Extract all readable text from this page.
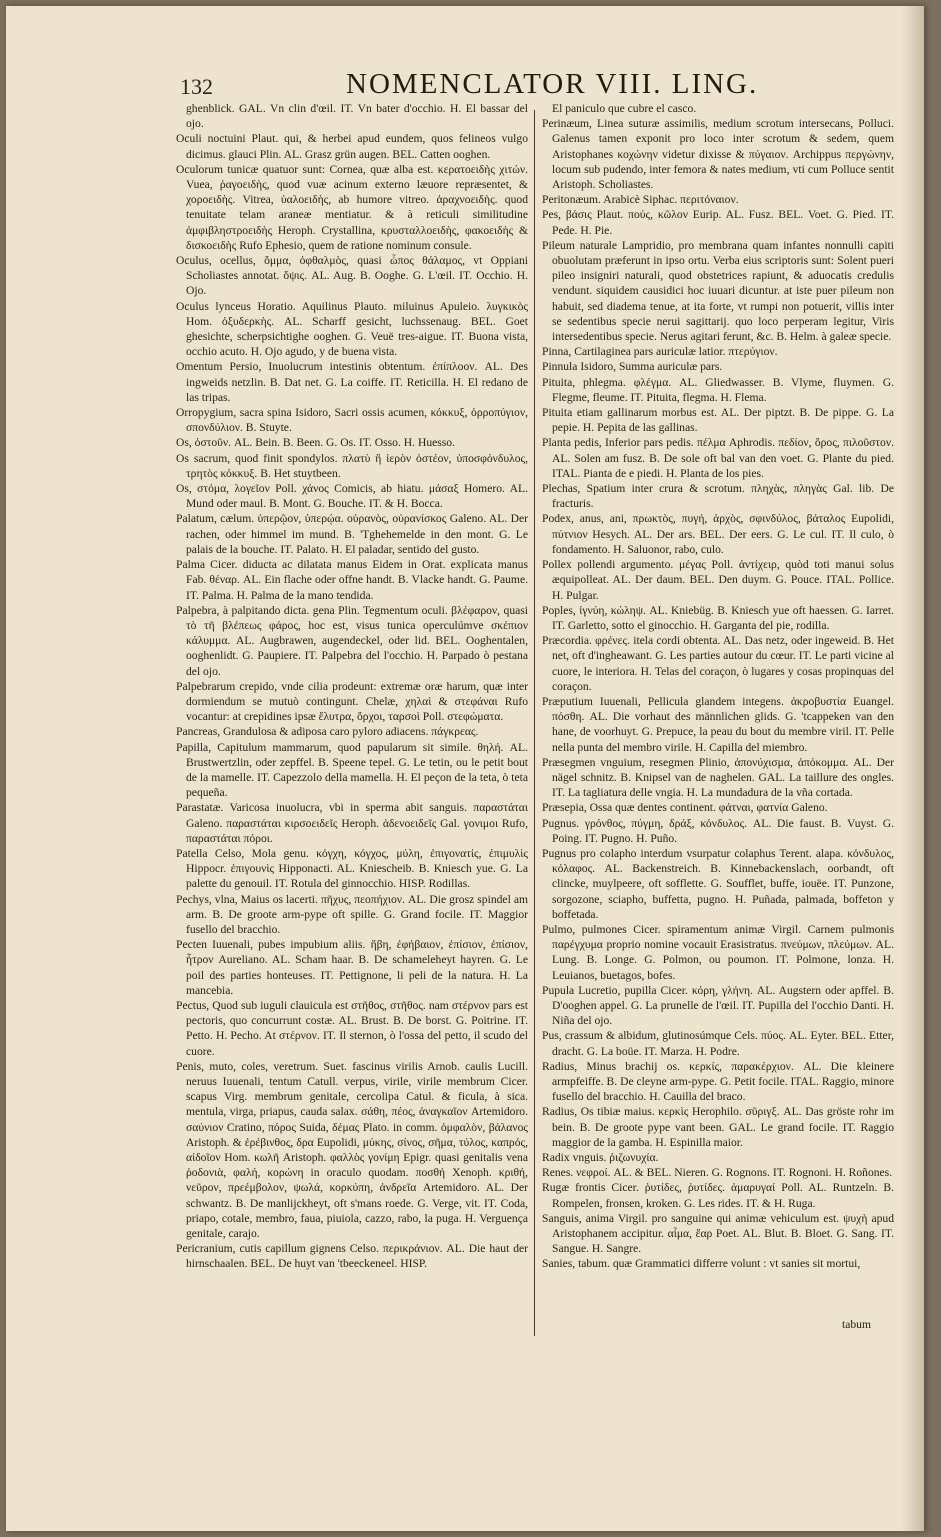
132	NOMENCLATOR VIII. LING.

ghenblick. GAL. Vn clin d'œil. IT. Vn bater d'occhio. H. El bassar del ojo.

Oculi noctuini Plaut. qui, & herbei apud eundem, quos felineos vulgo dicimus. glauci Plin. AL. Grasz grün augen. BEL. Catten ooghen.

Oculorum tunicæ quatuor sunt: Cornea, quæ alba est. κερατοειδὴς χιτών. Vuea, ῥαγοειδὴς, quod vuæ acinum externo læuore repræsentet, & χοροειδὴς. Vitrea, ὑαλοειδὴς, ab humore vitreo. ἀραχνοειδὴς. quod tenuitate telam araneæ mentiatur. & à reticuli similitudine ἀμφιβληστροειδὴς Heroph. Crystallina, κρυσταλλοειδὴς, φακοειδὴς & δισκοειδὴς Rufo Ephesio, quem de ratione nominum consule.

Oculus, ocellus, ὄμμα, ὀφθαλμὸς, quasi ὦπος θάλαμος, vt Oppiani Scholiastes annotat. ὄψις. AL. Aug. B. Ooghe. G. L'œil. IT. Occhio. H. Ojo.

Oculus lynceus Horatio. Aquilinus Plauto. miluinus Apuleio. λυγκικὸς Hom. ὀξυδερκὴς. AL. Scharff gesicht, luchssenaug. BEL. Goet ghesichte, scherpsichtighe ooghen. G. Veuë tres-aigue. IT. Buona vista, occhio acuto. H. Ojo agudo, y de buena vista.

Omentum Persio, Inuolucrum intestinis obtentum. ἐπίπλοον. AL. Des ingweids netzlin. B. Dat net. G. La coiffe. IT. Reticilla. H. El redano de las tripas.

Orropygium, sacra spina Isidoro, Sacri ossis acumen, κόκκυξ, ὀρροπύγιον, σπονδύλιον. B. Stuyte.

Os, ὀστοῦν. AL. Bein. B. Been. G. Os. IT. Osso. H. Huesso.

Os sacrum, quod finit spondylos. πλατὺ ἢ ἱερὸν ὀστέον, ὑποσφόνδυλος, τρητὸς κόκκυξ. B. Het stuytbeen.

Os, στόμα, λογεῖον Poll. χάνος Comicis, ab hiatu. μάσαξ Homero. AL. Mund oder maul. B. Mont. G. Bouche. IT. & H. Bocca.

Palatum, cælum. ὑπερῷον, ὑπερῴα. οὐρανὸς, οὐρανίσκος Galeno. AL. Der rachen, oder himmel im mund. B. 'Tghehemelde in den mont. G. Le palais de la bouche. IT. Palato. H. El paladar, sentido del gusto.

Palma Cicer. diducta ac dilatata manus Eidem in Orat. explicata manus Fab. θέναρ. AL. Ein flache oder offne handt. B. Vlacke handt. G. Paume. IT. Palma. H. Palma de la mano tendida.

Palpebra, à palpitando dicta. gena Plin. Tegmentum oculi. βλέφαρον, quasi τὸ τῆ βλέπεως φάρος, hoc est, visus tunica operculúmve σκέπιον κάλυμμα. AL. Augbrawen, augendeckel, oder lid. BEL. Ooghentalen, ooghenlidt. G. Paupiere. IT. Palpebra del l'occhio. H. Parpado ò pestana del ojo.

Palpebrarum crepido, vnde cilia prodeunt: extremæ oræ harum, quæ inter dormiendum se mutuò contingunt. Chelæ, χηλαὶ & στεφάναι Rufo vocantur: at crepidines ipsæ ἕλυτρα, ὄρχοι, ταρσοὶ Poll. στεφώματα.

Pancreas, Grandulosa & adiposa caro pyloro adiacens. πάγκρεας.

Papilla, Capitulum mammarum, quod papularum sit simile. θηλή. AL. Brustwertzlin, oder zepffel. B. Speene tepel. G. Le tetin, ou le petit bout de la mamelle. IT. Capezzolo della mamella. H. El peçon de la teta, ò teta pequeña.

Parastatæ. Varicosa inuolucra, vbi in sperma abit sanguis. παραστάται Galeno. παραστάται κιρσοειδεῖς Heroph. ἀδενοειδεῖς Gal. γονιμοι Rufo, παραστάται πόροι.

Patella Celso, Mola genu. κόγχη, κόγχος, μύλη, ἐπιγονατίς, ἐπιμυλὶς Hippocr. ἐπιγουνὶς Hipponacti. AL. Kniescheib. B. Kniesch yue. G. La palette du genouil. IT. Rotula del ginnocchio. HISP. Rodillas.

Pechys, vlna, Maius os lacerti. πῆχυς, πεοπήχιον. AL. Die grosz spindel am arm. B. De groote arm-pype oft spille. G. Grand focile. IT. Maggior fusello del bracchio.

Pecten Iuuenali, pubes impubium aliis. ἥβη, ἐφήβαιον, ἐπίσιον, ἐπίσιον, ἧτρον Aureliano. AL. Scham haar. B. De schameleheyt hayren. G. Le poil des parties honteuses. IT. Pettignone, li peli de la natura. H. La mancebia.

Pectus, Quod sub iuguli clauicula est στῆθος, στῆθος. nam στέρνον pars est pectoris, quo concurrunt costæ. AL. Brust. B. De borst. G. Poitrine. IT. Petto. H. Pecho. At στέρνον. IT. Il sternon, ò l'ossa del petto, il scudo del cuore.

Penis, muto, coles, veretrum. Suet. fascinus virilis Arnob. caulis Lucill. neruus Iuuenali, tentum Catull. verpus, virile, virile membrum Cicer. scapus Virg. membrum genitale, cercolipa Catul. & ficula, à sica. mentula, virga, priapus, cauda salax. σάθη, πέος, ἀναγκαῖον Artemidoro. σαύνιον Cratino, πόρος Suida, δέμας Plato. in comm. ὀμφαλὸν, βάλανος Aristoph. & ἐρέβινθος, δρα Eupolidi, μύκης, σίνος, σῆμα, τύλος, καπρός, αἰδοῖον Hom. κωλῆ Aristoph. φαλλὸς γονίμη Epigr. quasi genitalis vena ῥοδονιὰ, φαλή, κορώνη in oraculo quodam. ποσθή Xenoph. κριθή, νεῦρον, πρεέμβολον, ψωλά, κορκύπη, ἀνδρεῖα Artemidoro. AL. Der schwantz. B. De manlijckheyt, oft s'mans roede. G. Verge, vit. IT. Coda, priapo, cotale, membro, faua, piuiola, cazzo, rabo, la puga. H. Verguença genitale, carajo.

Pericranium, cutis capillum gignens Celso. περικράνιον. AL. Die haut der hirnschaalen. BEL. De huyt van 'tbeeckeneel. HISP.

El paniculo que cubre el casco.

Perinæum, Linea suturæ assimilis, medium scrotum intersecans, Polluci. Galenus tamen exponit pro loco inter scrotum & sedem, quem Aristophanes κοχώνην videtur dixisse & πύγαιον. Archippus περγώνην, locum sub pudendo, inter femora & nates medium, vti cum Polluce sentit Aristoph. Scholiastes.

Peritonæum. Arabicè Siphac. περιτόναιον.

Pes, βάσις Plaut. πούς, κῶλον Eurip. AL. Fusz. BEL. Voet. G. Pied. IT. Pede. H. Pie.

Pileum naturale Lampridio, pro membrana quam infantes nonnulli capiti obuolutam præferunt in ipso ortu. Verba eius scriptoris sunt: Solent pueri pileo insigniri naturali, quod obstetrices rapiunt, & aduocatis credulis vendunt. siquidem causidici hoc iuuari dicuntur. at iste puer pileum non habuit, sed diadema tenue, at ita forte, vt rumpi non potuerit, villis inter se sedentibus specie nerui sagittarij. quo loco perperam legitur, Viris intersedentibus specie. Nerus agitari ferunt, &c. B. Helm. à galeæ specie.

Pinna, Cartilaginea pars auriculæ latior. πτερύγιον.

Pinnula Isidoro, Summa auriculæ pars.

Pituita, phlegma. φλέγμα. AL. Gliedwasser. B. Vlyme, fluymen. G. Flegme, fleume. IT. Pituita, flegma. H. Flema.

Pituita etiam gallinarum morbus est. AL. Der piptzt. B. De pippe. G. La pepie. H. Pepita de las gallinas.

Planta pedis, Inferior pars pedis. πέλμα Aphrodis. πεδίον, ὄρος, πιλοῦστον. AL. Solen am fusz. B. De sole oft bal van den voet. G. Plante du pied. ITAL. Pianta de e piedi. H. Planta de los pies.

Plechas, Spatium inter crura & scrotum. πληχὰς, πληγὰς Gal. lib. De fracturis.

Podex, anus, ani, πρωκτὸς, πυγή, ἀρχὸς, σφινδύλος, βάταλος Eupolidi, πύτνιον Hesych. AL. Der ars. BEL. Der eers. G. Le cul. IT. Il culo, ò fondamento. H. Saluonor, rabo, culo.

Pollex pollendi argumento. μέγας Poll. ἀντίχειρ, quòd toti manui solus æquipolleat. AL. Der daum. BEL. Den duym. G. Pouce. ITAL. Pollice. H. Pulgar.

Poples, ἰγνύη, κώληψ. AL. Kniebüg. B. Kniesch yue oft haessen. G. Iarret. IT. Garletto, sotto el ginocchio. H. Garganta del pie, rodilla.

Præcordia. φρένες. itela cordi obtenta. AL. Das netz, oder ingeweid. B. Het net, oft d'ingheawant. G. Les parties autour du cœur. IT. Le parti vicine al cuore, le interiora. H. Telas del coraçon, ò lugares y cosas propinquas del coraçon.

Præputium Iuuenali, Pellicula glandem integens. ἀκροβυστία Euangel. πόσθη. AL. Die vorhaut des männlichen glids. G. 'tcappeken van den hane, de voorhuyt. G. Prepuce, la peau du bout du membre viril. IT. Pelle nella punta del membro virile. H. Capilla del miembro.

Præsegmen vnguium, resegmen Plinio, ἀπονύχισμα, ἀπόκομμα. AL. Der nägel schnitz. B. Knipsel van de naghelen. GAL. La taillure des ongles. IT. La tagliatura delle vngia. H. La mundadura de la vña cortada.

Præsepia, Ossa quæ dentes continent. φάτναι, φατνία Galeno.

Pugnus. γρόνθος, πύγμη, δράξ, κόνδυλος. AL. Die faust. B. Vuyst. G. Poing. IT. Pugno. H. Puño.

Pugnus pro colapho interdum vsurpatur colaphus Terent. alapa. κόνδυλος, κόλαφος. AL. Backenstreich. B. Kinnebackenslach, oorbandt, oft clincke, muylpeere, oft sofflette. G. Soufflet, buffe, iouëe. IT. Punzone, sorgozone, sciapho, buffetta, pugno. H. Puñada, palmada, boffeton y boffetada.

Pulmo, pulmones Cicer. spiramentum animæ Virgil. Carnem pulmonis παρέγχυμα proprio nomine vocauit Erasistratus. πνεύμων, πλεύμων. AL. Lung. B. Longe. G. Polmon, ou poumon. IT. Polmone, lonza. H. Leuianos, buetagos, bofes.

Pupula Lucretio, pupilla Cicer. κόρη, γλήνη. AL. Augstern oder apffel. B. D'ooghen appel. G. La prunelle de l'œil. IT. Pupilla del l'occhio Danti. H. Niña del ojo.

Pus, crassum & albidum, glutinosúmque Cels. πύος. AL. Eyter. BEL. Etter, dracht. G. La boüe. IT. Marza. H. Podre.

Radius, Minus brachij os. κερκίς, παρακέρχιον. AL. Die kleinere armpfeiffe. B. De cleyne arm-pype. G. Petit focile. ITAL. Raggio, minore fusello del bracchio. H. Cauilla del braco.

Radius, Os tibiæ maius. κερκὶς Herophilo. σῦριγξ. AL. Das gröste rohr im bein. B. De groote pype vant been. GAL. Le grand focile. IT. Raggio maggior de la gamba. H. Espinilla maior.

Radix vnguis. ῥιζωνυχία.

Renes. νεφροί. AL. & BEL. Nieren. G. Rognons. IT. Rognoni. H. Roñones.

Rugæ frontis Cicer. ῥυτίδες, ῥυτίδες. ἀμαρυγαί Poll. AL. Runtzeln. B. Rompelen, fronsen, kroken. G. Les rides. IT. & H. Ruga.

Sanguis, anima Virgil. pro sanguine qui animæ vehiculum est. ψυχὴ apud Aristophanem accipitur. αἷμα, ἔαρ Poet. AL. Blut. B. Bloet. G. Sang. IT. Sangue. H. Sangre.

Sanies, tabum. quæ Grammatici differre volunt : vt sanies sit mortui,

tabum
